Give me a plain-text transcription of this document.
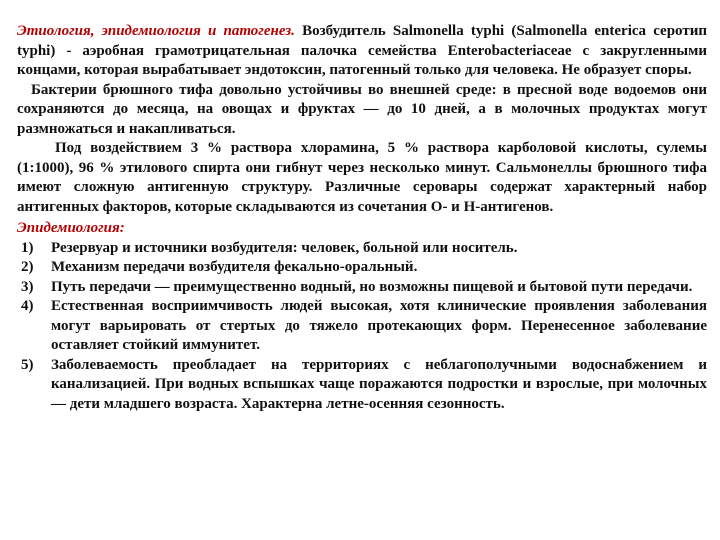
Этиология, эпидемиология и патогенез. Возбудитель Salmonella typhi (Salmonella enterica серотип typhi) - аэробная грамотрицательная палочка семейства Enterobacteriaceae с закругленными концами, которая вырабатывает эндотоксин, патогенный только для человека. Не образует споры.

Бактерии брюшного тифа довольно устойчивы во внешней среде: в пресной воде водоемов они сохраняются до месяца, на овощах и фруктах — до 10 дней, а в молочных продуктах могут размножаться и накапливаться.

Под воздействием 3 % раствора хлорамина, 5 % раствора карболовой кислоты, сулемы (1:1000), 96 % этилового спирта они гибнут через несколько минут. Сальмонеллы брюшного тифа имеют сложную антигенную структуру. Различные серовары содержат характерный набор антигенных факторов, которые складываются из сочетания O- и H-антигенов.

Эпидемиология:

1)	Резервуар и источники возбудителя: человек, больной или носитель.
2)	Механизм передачи возбудителя фекально-оральный.
3)	Путь передачи — преимущественно водный, но возможны пищевой и бытовой пути передачи.
4)	Естественная восприимчивость людей высокая, хотя клинические проявления заболевания могут варьировать от стертых до тяжело протекающих форм. Перенесенное заболевание оставляет стойкий иммунитет.
5)	Заболеваемость преобладает на территориях с неблагополучными водоснабжением и канализацией. При водных вспышках чаще поражаются подростки и взрослые, при молочных — дети младшего возраста. Характерна летне-осенняя сезонность.
